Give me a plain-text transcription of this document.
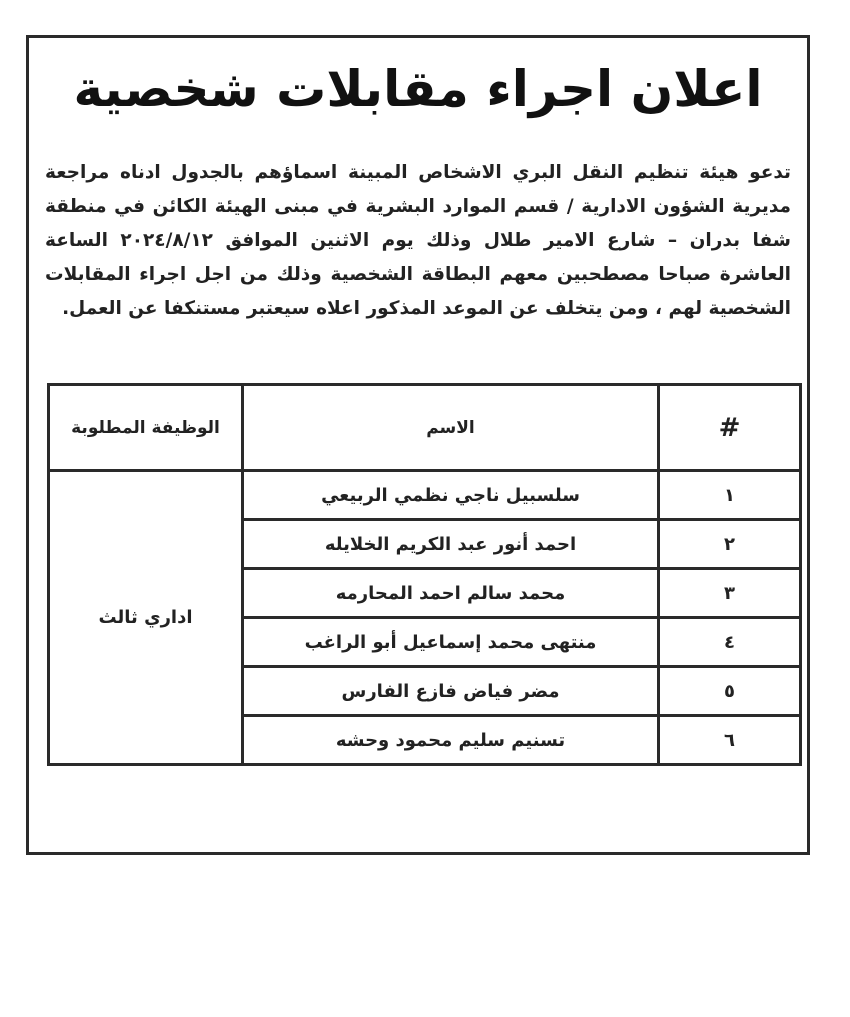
اعلان اجراء مقابلات شخصية
تدعو هيئة تنظيم النقل البري الاشخاص المبينة اسماؤهم بالجدول ادناه مراجعة مديرية الشؤون الادارية / قسم الموارد البشرية في مبنى الهيئة الكائن في منطقة شفا بدران – شارع الامير طلال وذلك يوم الاثنين الموافق ٢٠٢٤/٨/١٢ الساعة العاشرة صباحا مصطحبين معهم البطاقة الشخصية وذلك من اجل اجراء المقابلات الشخصية لهم ، ومن يتخلف عن الموعد المذكور اعلاه سيعتبر مستنكفا عن العمل.
#	الاسم	الوظيفة المطلوبة
١	سلسبيل ناجي نظمي الربيعي	اداري ثالث
٢	احمد أنور عبد الكريم الخلايله	
٣	محمد سالم احمد المحارمه	
٤	منتهى محمد إسماعيل أبو الراغب	
٥	مضر فياض فازع الفارس	
٦	تسنيم سليم محمود وحشه	
